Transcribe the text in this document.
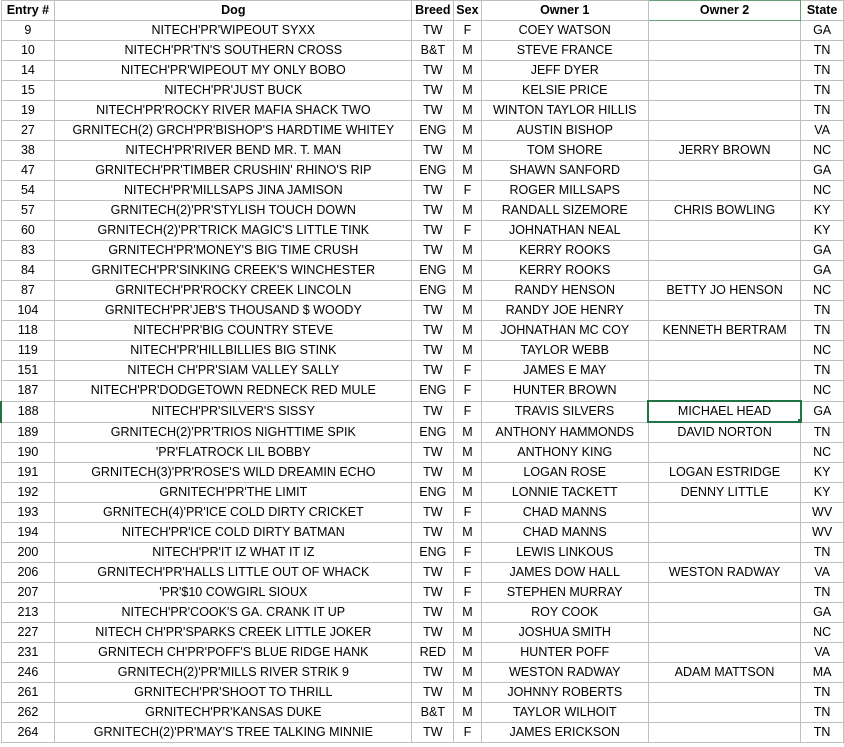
Entry #	Dog	Breed	Sex	Owner 1	Owner 2	State
9	NITECH'PR'WIPEOUT SYXX	TW	F	COEY WATSON		GA
10	NITECH'PR'TN'S SOUTHERN CROSS	B&T	M	STEVE FRANCE		TN
14	NITECH'PR'WIPEOUT MY ONLY BOBO	TW	M	JEFF DYER		TN
15	NITECH'PR'JUST BUCK	TW	M	KELSIE PRICE		TN
19	NITECH'PR'ROCKY RIVER MAFIA SHACK TWO	TW	M	WINTON TAYLOR HILLIS		TN
27	GRNITECH(2) GRCH'PR'BISHOP'S HARDTIME WHITEY	ENG	M	AUSTIN BISHOP		VA
38	NITECH'PR'RIVER BEND MR. T. MAN	TW	M	TOM SHORE	JERRY BROWN	NC
47	GRNITECH'PR'TIMBER CRUSHIN' RHINO'S RIP	ENG	M	SHAWN SANFORD		GA
54	NITECH'PR'MILLSAPS JINA JAMISON	TW	F	ROGER MILLSAPS		NC
57	GRNITECH(2)'PR'STYLISH TOUCH DOWN	TW	M	RANDALL SIZEMORE	CHRIS BOWLING	KY
60	GRNITECH(2)'PR'TRICK MAGIC'S LITTLE TINK	TW	F	JOHNATHAN NEAL		KY
83	GRNITECH'PR'MONEY'S BIG TIME CRUSH	TW	M	KERRY ROOKS		GA
84	GRNITECH'PR'SINKING CREEK'S WINCHESTER	ENG	M	KERRY ROOKS		GA
87	GRNITECH'PR'ROCKY CREEK LINCOLN	ENG	M	RANDY HENSON	BETTY JO HENSON	NC
104	GRNITECH'PR'JEB'S THOUSAND $ WOODY	TW	M	RANDY JOE HENRY		TN
118	NITECH'PR'BIG COUNTRY STEVE	TW	M	JOHNATHAN MC COY	KENNETH BERTRAM	TN
119	NITECH'PR'HILLBILLIES BIG STINK	TW	M	TAYLOR WEBB		NC
151	NITECH CH'PR'SIAM VALLEY SALLY	TW	F	JAMES E MAY		TN
187	NITECH'PR'DODGETOWN REDNECK RED MULE	ENG	F	HUNTER BROWN		NC
188	NITECH'PR'SILVER'S SISSY	TW	F	TRAVIS SILVERS	MICHAEL HEAD	GA
189	GRNITECH(2)'PR'TRIOS NIGHTTIME SPIK	ENG	M	ANTHONY HAMMONDS	DAVID NORTON	TN
190	'PR'FLATROCK LIL BOBBY	TW	M	ANTHONY KING		NC
191	GRNITECH(3)'PR'ROSE'S WILD DREAMIN ECHO	TW	M	LOGAN ROSE	LOGAN ESTRIDGE	KY
192	GRNITECH'PR'THE LIMIT	ENG	M	LONNIE TACKETT	DENNY LITTLE	KY
193	GRNITECH(4)'PR'ICE COLD DIRTY CRICKET	TW	F	CHAD MANNS		WV
194	NITECH'PR'ICE COLD DIRTY BATMAN	TW	M	CHAD MANNS		WV
200	NITECH'PR'IT IZ WHAT IT IZ	ENG	F	LEWIS LINKOUS		TN
206	GRNITECH'PR'HALLS LITTLE OUT OF WHACK	TW	F	JAMES DOW HALL	WESTON RADWAY	VA
207	'PR'$10 COWGIRL SIOUX	TW	F	STEPHEN MURRAY		TN
213	NITECH'PR'COOK'S GA. CRANK IT UP	TW	M	ROY COOK		GA
227	NITECH CH'PR'SPARKS CREEK LITTLE JOKER	TW	M	JOSHUA SMITH		NC
231	GRNITECH CH'PR'POFF'S BLUE RIDGE HANK	RED	M	HUNTER POFF		VA
246	GRNITECH(2)'PR'MILLS RIVER STRIK 9	TW	M	WESTON RADWAY	ADAM MATTSON	MA
261	GRNITECH'PR'SHOOT TO THRILL	TW	M	JOHNNY ROBERTS		TN
262	GRNITECH'PR'KANSAS DUKE	B&T	M	TAYLOR WILHOIT		TN
264	GRNITECH(2)'PR'MAY'S TREE TALKING MINNIE	TW	F	JAMES ERICKSON		TN
